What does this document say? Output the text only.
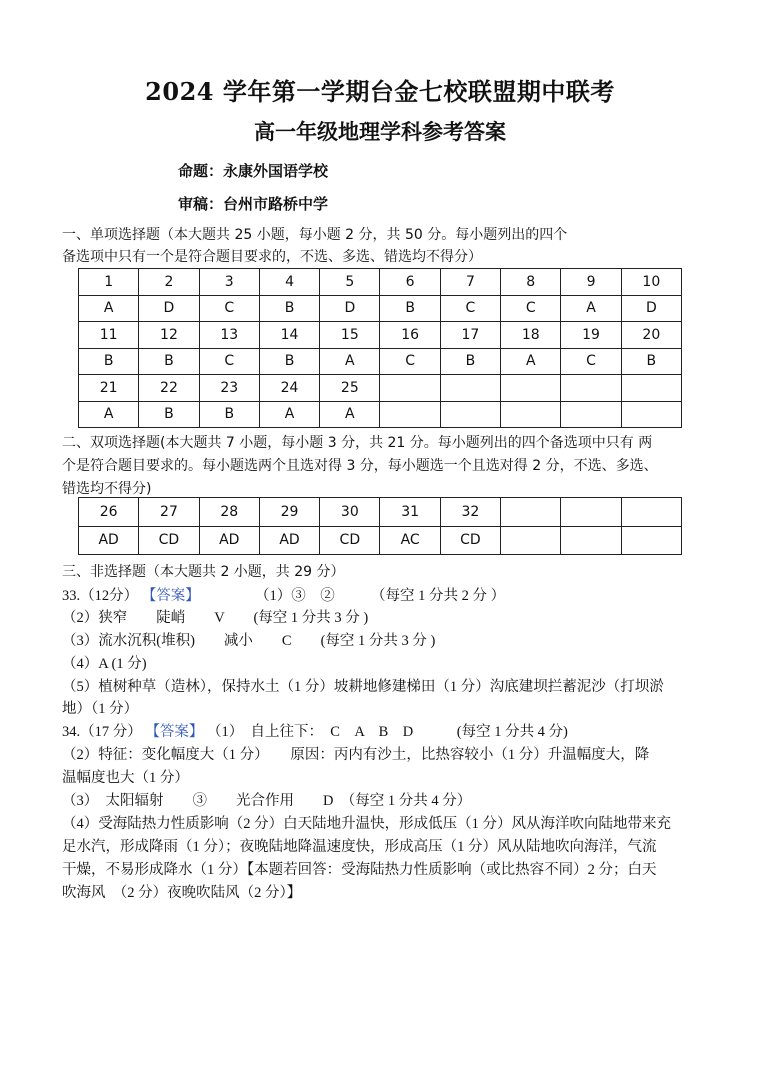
2024 学年第一学期台金七校联盟期中联考
高一年级地理学科参考答案
命题：永康外国语学校
审稿：台州市路桥中学
一、单项选择题（本大题共 25 小题，每小题 2 分，共 50 分。每小题列出的四个
备选项中只有一个是符合题目要求的，不选、多选、错选均不得分）
1	2	3	4	5	6	7	8	9	10
A	D	C	B	D	B	C	C	A	D
11	12	13	14	15	16	17	18	19	20
B	B	C	B	A	C	B	A	C	B
21	22	23	24	25					
A	B	B	A	A					
二、双项选择题(本大题共 7 小题，每小题 3 分，共 21 分。每小题列出的四个备选项中只有 两
个是符合题目要求的。每小题选两个且选对得 3 分，每小题选一个且选对得 2 分，不选、多选、
错选均不得分)
26	27	28	29	30	31	32			
AD	CD	AD	AD	CD	AC	CD			
三、非选择题（本大题共 2 小题，共 29 分）
33.（12分） 【答案】	（1）③　②　　　（每空 1 分共 2 分 ）
（2）狭窄　　陡峭　　V　　(每空 1 分共 3 分 )
（3）流水沉积(堆积)　　减小　　C　　(每空 1 分共 3 分 )
（4）A (1 分)
（5）植树种草（造林），保持水土（1 分）坡耕地修建梯田（1 分）沟底建坝拦蓄泥沙（打坝淤
地）（1 分）
34.（17 分） 【答案】 （1）　自上往下：　C　A　B　D　　　(每空 1 分共 4 分)
（2）特征：变化幅度大（1 分）　　原因：丙内有沙土，比热容较小（1 分）升温幅度大，降
温幅度也大（1 分）
（3）　太阳辐射　　③　　光合作用　　D　（每空 1 分共 4 分）
（4）受海陆热力性质影响（2 分）白天陆地升温快，形成低压（1 分）风从海洋吹向陆地带来充
足水汽，形成降雨（1 分）；夜晚陆地降温速度快，形成高压（1 分）风从陆地吹向海洋，气流
干燥，不易形成降水（1 分）【本题若回答：受海陆热力性质影响（或比热容不同）2 分；白天
吹海风　（2 分）夜晚吹陆风（2 分）】
